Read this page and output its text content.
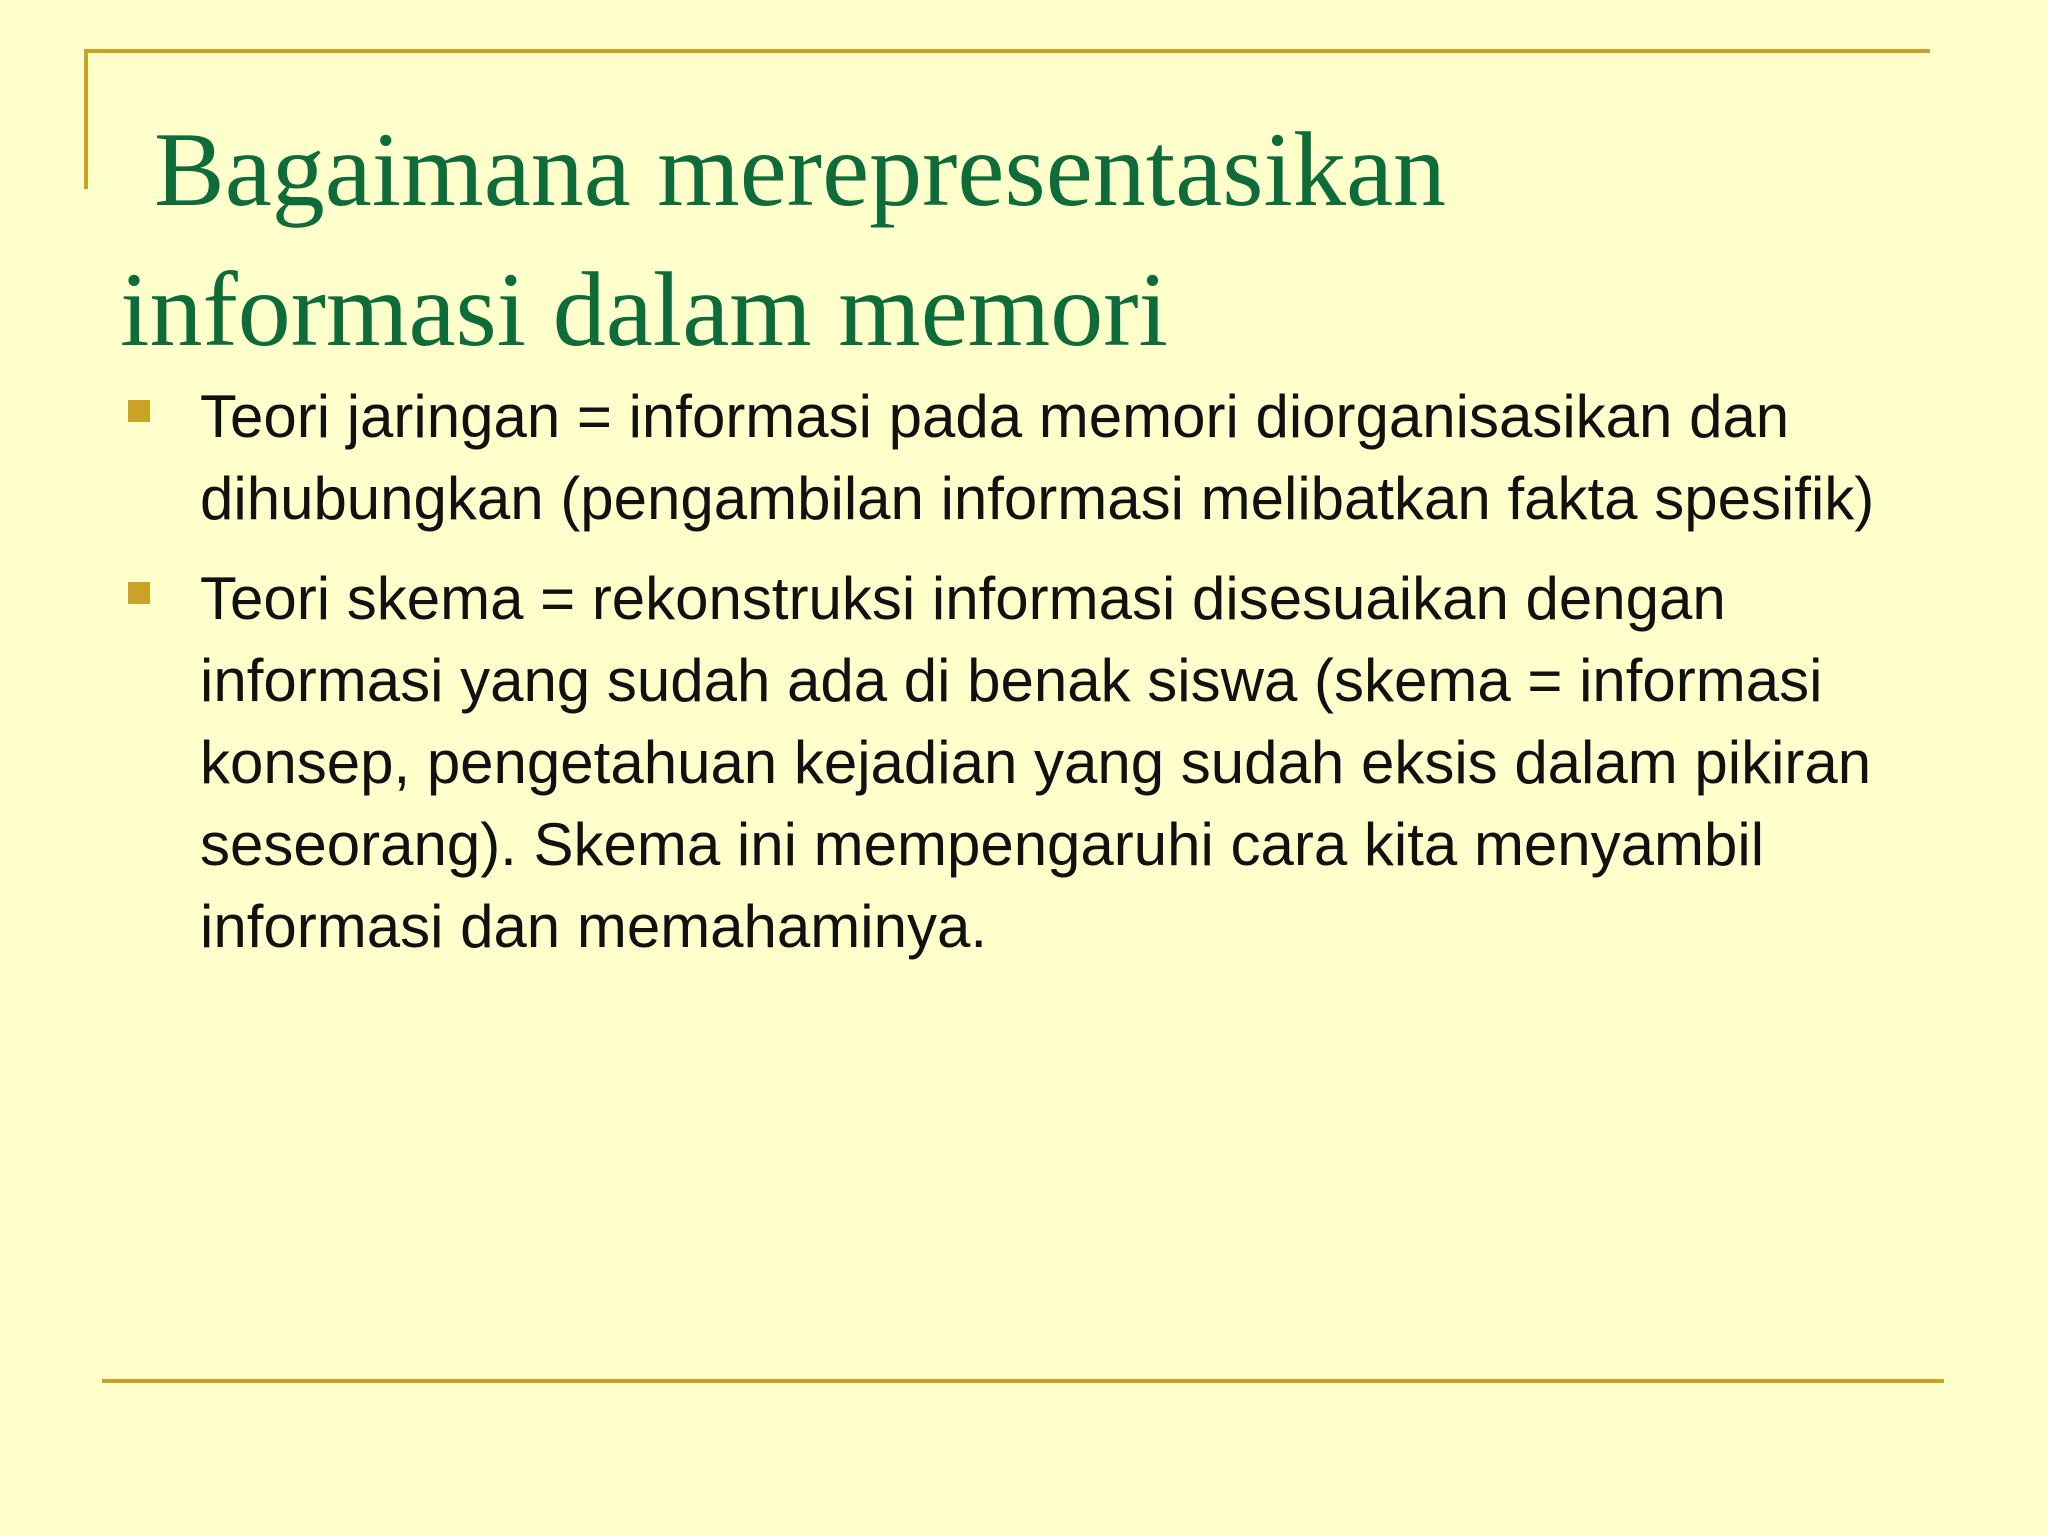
Bagaimana merepresentasikan
informasi dalam memori
Teori jaringan = informasi pada memori diorganisasikan dan dihubungkan (pengambilan informasi melibatkan fakta spesifik)
Teori skema = rekonstruksi informasi disesuaikan dengan informasi yang sudah ada di benak siswa (skema = informasi konsep, pengetahuan kejadian yang sudah eksis dalam pikiran seseorang). Skema ini mempengaruhi cara kita menyambil informasi dan memahaminya.
